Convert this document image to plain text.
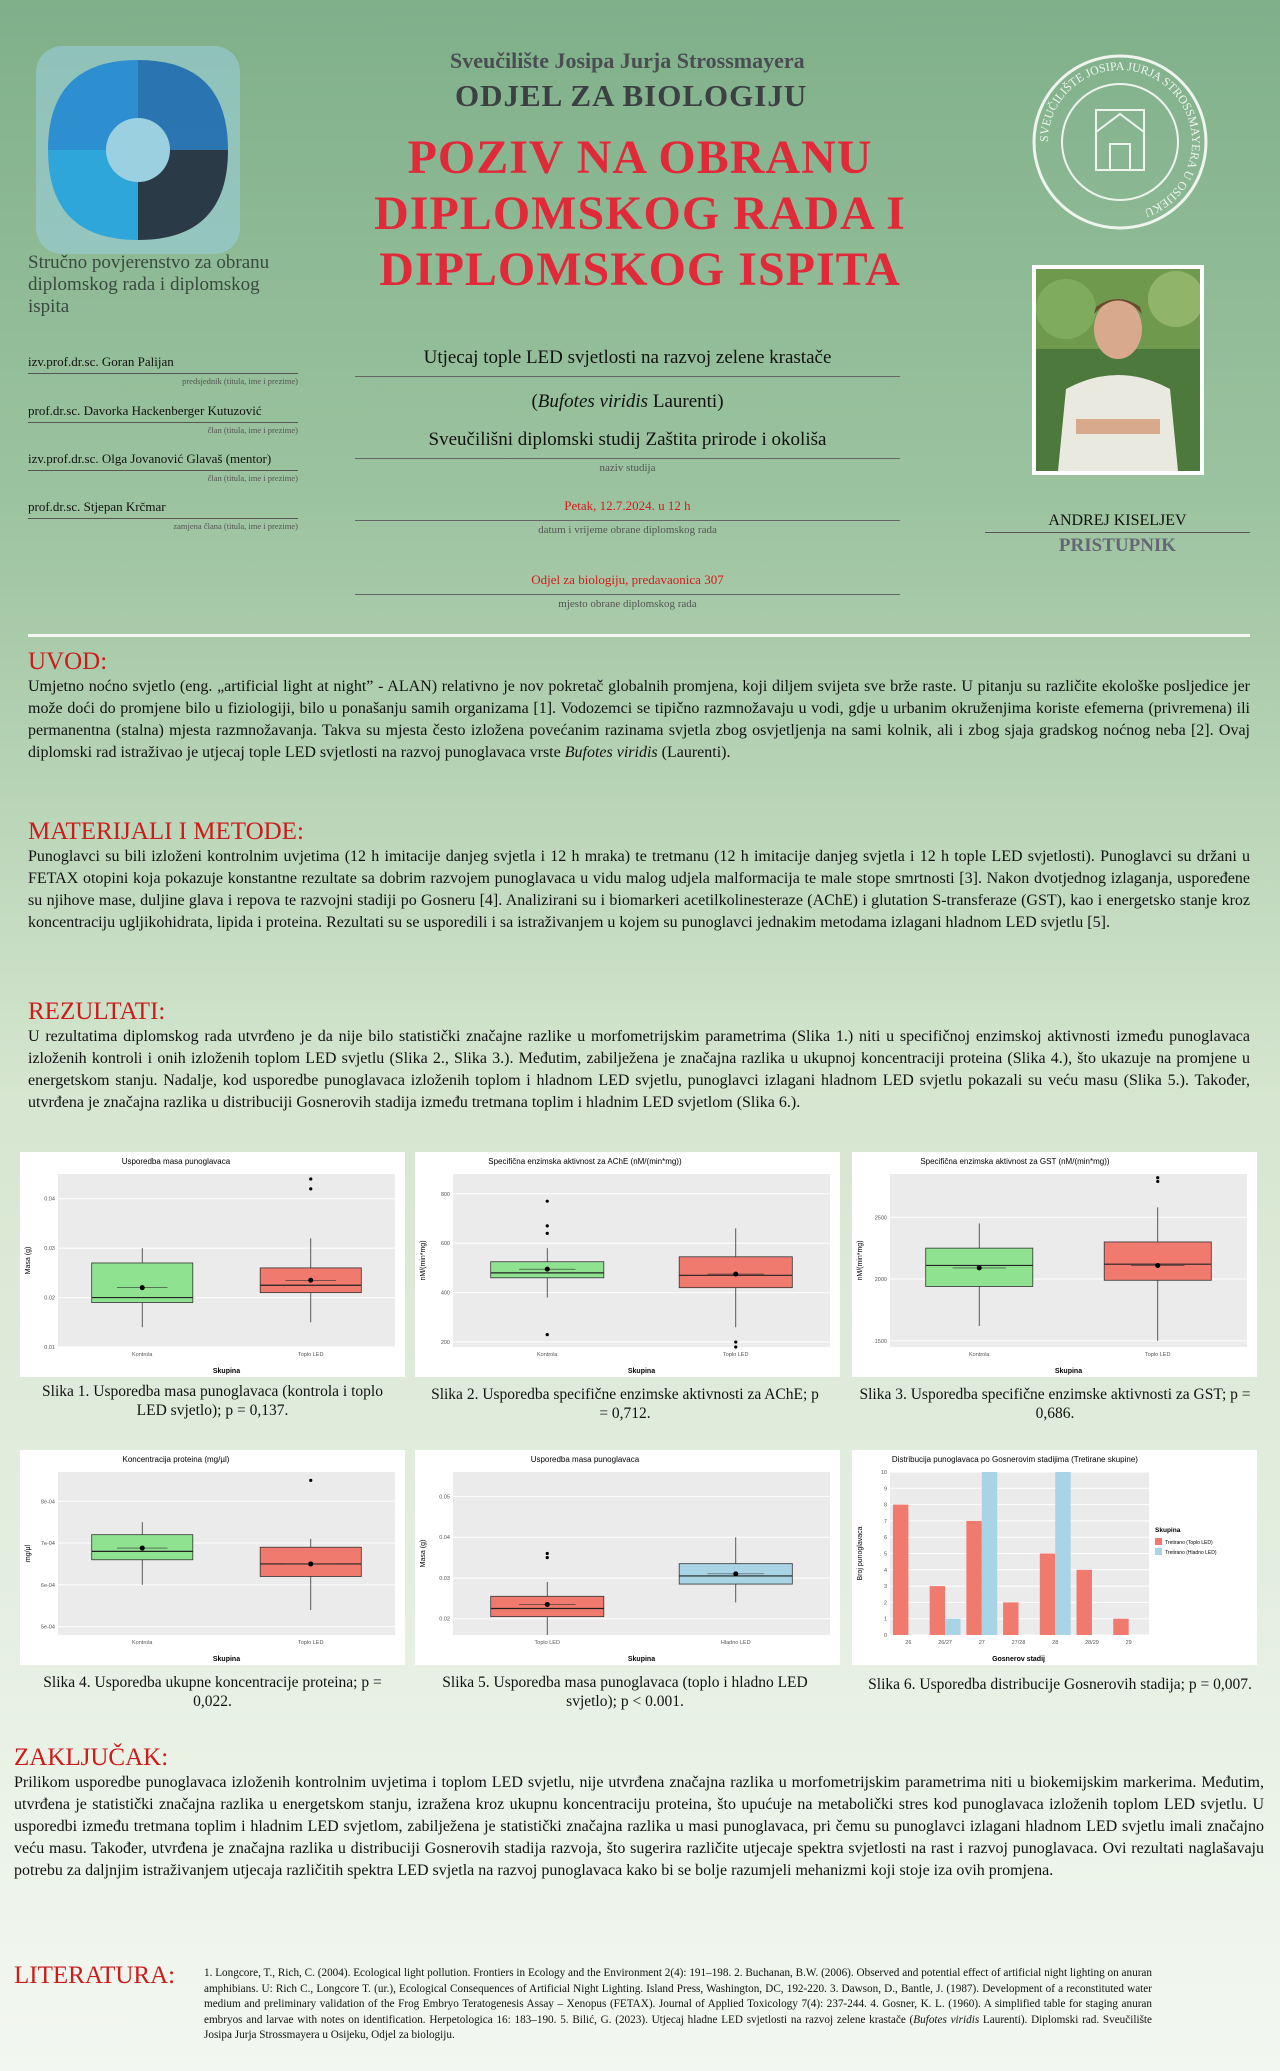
Stručno povjerenstvo za obranu diplomskog rada i diplomskog ispita
Sveučilište Josipa Jurja Strossmayera
ODJEL ZA BIOLOGIJU
POZIV NA OBRANU DIPLOMSKOG RADA I DIPLOMSKOG ISPITA
SVEUČILIŠTE JOSIPA JURJA STROSSMAYERA U OSIJEKU
izv.prof.dr.sc. Goran Palijan
predsjednik (titula, ime i prezime)
prof.dr.sc. Davorka Hackenberger Kutuzović
član (titula, ime i prezime)
izv.prof.dr.sc. Olga Jovanović Glavaš (mentor)
član (titula, ime i prezime)
prof.dr.sc. Stjepan Krčmar
zamjena člana (titula, ime i prezime)
Utjecaj tople LED svjetlosti na razvoj zelene krastače
(Bufotes viridis Laurenti)
Sveučilišni diplomski studij Zaštita prirode i okoliša
naziv studija
Petak, 12.7.2024. u 12 h
datum i vrijeme obrane diplomskog rada
Odjel za biologiju, predavaonica 307
mjesto obrane diplomskog rada
ANDREJ KISELJEV
PRISTUPNIK
UVOD:
Umjetno noćno svjetlo (eng. „artificial light at night” - ALAN) relativno je nov pokretač globalnih promjena, koji diljem svijeta sve brže raste. U pitanju su različite ekološke posljedice jer može doći do promjene bilo u fiziologiji, bilo u ponašanju samih organizama [1]. Vodozemci se tipično razmnožavaju u vodi, gdje u urbanim okruženjima koriste efemerna (privremena) ili permanentna (stalna) mjesta razmnožavanja. Takva su mjesta često izložena povećanim razinama svjetla zbog osvjetljenja na sami kolnik, ali i zbog sjaja gradskog noćnog neba [2]. Ovaj diplomski rad istraživao je utjecaj tople LED svjetlosti na razvoj punoglavaca vrste Bufotes viridis (Laurenti).
MATERIJALI I METODE:
Punoglavci su bili izloženi kontrolnim uvjetima (12 h imitacije danjeg svjetla i 12 h mraka) te tretmanu (12 h imitacije danjeg svjetla i 12 h tople LED svjetlosti). Punoglavci su držani u FETAX otopini koja pokazuje konstantne rezultate sa dobrim razvojem punoglavaca u vidu malog udjela malformacija te male stope smrtnosti [3]. Nakon dvotjednog izlaganja, uspoređene su njihove mase, duljine glava i repova te razvojni stadiji po Gosneru [4]. Analizirani su i biomarkeri acetilkolinesteraze (AChE) i glutation S-transferaze (GST), kao i energetsko stanje kroz koncentraciju ugljikohidrata, lipida i proteina. Rezultati su se usporedili i sa istraživanjem u kojem su punoglavci jednakim metodama izlagani hladnom LED svjetlu [5].
REZULTATI:
U rezultatima diplomskog rada utvrđeno je da nije bilo statistički značajne razlike u morfometrijskim parametrima (Slika 1.) niti u specifičnoj enzimskoj aktivnosti između punoglavaca izloženih kontroli i onih izloženih toplom LED svjetlu (Slika 2., Slika 3.). Međutim, zabilježena je značajna razlika u ukupnoj koncentraciji proteina (Slika 4.), što ukazuje na promjene u energetskom stanju. Nadalje, kod usporedbe punoglavaca izloženih toplom i hladnom LED svjetlu, punoglavci izlagani hladnom LED svjetlu pokazali su veću masu (Slika 5.). Također, utvrđena je značajna razlika u distribuciji Gosnerovih stadija između tretmana toplim i hladnim LED svjetlom (Slika 6.).
Usporedba masa punoglavaca
Skupina
Masa (g)
0.01
0.02
0.03
0.04
Kontrola	Toplo LED
Specifična enzimska aktivnost za AChE (nM/(min*mg))
Skupina
nM/(min*mg)
200
400
600
800
Kontrola	Toplo LED
Specifična enzimska aktivnost za GST (nM/(min*mg))
Skupina
nM/(min*mg)
1500
2000
2500
Kontrola	Toplo LED
Koncentracija proteina (mg/µl)
Skupina
mg/µl
5e-04
6e-04
7e-04
8e-04
Kontrola	Toplo LED
Usporedba masa punoglavaca
Skupina
Masa (g)
0.02
0.03
0.04
0.05
Toplo LED	Hladno LED
Distribucija punoglavaca po Gosnerovim stadijima (Tretirane skupine)
Gosnerov stadij
Broj punoglavaca
0
1
2
3
4
5
6
7
8
9
10
26	26/27	27	27/28	28	28/29	29
Skupina
Tretirano (Toplo LED)
Tretirano (Hladno LED)
Slika 1. Usporedba masa punoglavaca (kontrola i toplo LED svjetlo); p = 0,137.
Slika 2. Usporedba specifične enzimske aktivnosti za AChE; p = 0,712.
Slika 3. Usporedba specifične enzimske aktivnosti za GST; p = 0,686.
Slika 4. Usporedba ukupne koncentracije proteina; p = 0,022.
Slika 5. Usporedba masa punoglavaca (toplo i hladno LED svjetlo); p < 0.001.
Slika 6. Usporedba distribucije Gosnerovih stadija; p = 0,007.
ZAKLJUČAK:
Prilikom usporedbe punoglavaca izloženih kontrolnim uvjetima i toplom LED svjetlu, nije utvrđena značajna razlika u morfometrijskim parametrima niti u biokemijskim markerima. Međutim, utvrđena je statistički značajna razlika u energetskom stanju, izražena kroz ukupnu koncentraciju proteina, što upućuje na metabolički stres kod punoglavaca izloženih toplom LED svjetlu. U usporedbi između tretmana toplim i hladnim LED svjetlom, zabilježena je statistički značajna razlika u masi punoglavaca, pri čemu su punoglavci izlagani hladnom LED svjetlu imali značajno veću masu. Također, utvrđena je značajna razlika u distribuciji Gosnerovih stadija razvoja, što sugerira različite utjecaje spektra svjetlosti na rast i razvoj punoglavaca. Ovi rezultati naglašavaju potrebu za daljnjim istraživanjem utjecaja različitih spektra LED svjetla na razvoj punoglavaca kako bi se bolje razumjeli mehanizmi koji stoje iza ovih promjena.
LITERATURA:	1. Longcore, T., Rich, C. (2004). Ecological light pollution. Frontiers in Ecology and the Environment 2(4): 191–198. 2. Buchanan, B.W. (2006). Observed and potential effect of artificial night lighting on anuran amphibians. U: Rich C., Longcore T. (ur.), Ecological Consequences of Artificial Night Lighting. Island Press, Washington, DC, 192-220. 3. Dawson, D., Bantle, J. (1987). Development of a reconstituted water medium and preliminary validation of the Frog Embryo Teratogenesis Assay – Xenopus (FETAX). Journal of Applied Toxicology 7(4): 237-244. 4. Gosner, K. L. (1960). A simplified table for staging anuran embryos and larvae with notes on identification. Herpetologica 16: 183–190. 5. Bilić, G. (2023). Utjecaj hladne LED svjetlosti na razvoj zelene krastače (Bufotes viridis Laurenti). Diplomski rad. Sveučilište Josipa Jurja Strossmayera u Osijeku, Odjel za biologiju.
